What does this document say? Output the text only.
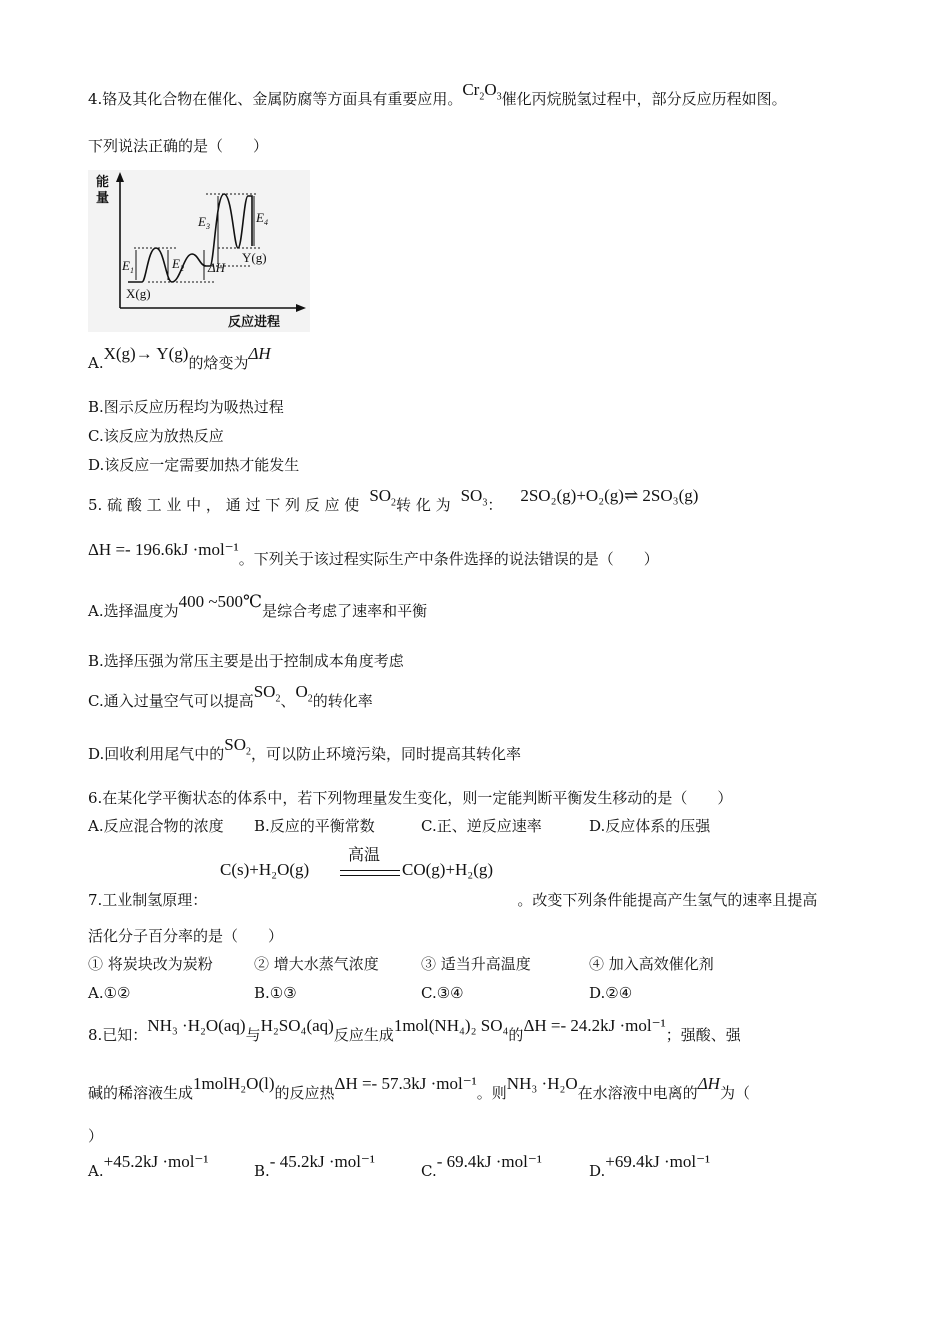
4.铬及其化合物在催化、金属防腐等方面具有重要应用。$Cr_2O_3$催化丙烷脱氢过程中，部分反应历程如图。
下列说法正确的是（　　）
能
量
反应进程
$E_1$	$E_2$
$E_3$
$E_4$
ΔH
X(g)
Y(g)
A.X(g)→ Y(g)的焓变为ΔH
B.图示反应历程均为吸热过程
C.该反应为放热反应
D.该反应一定需要加热才能发生
5. 硫 酸 工 业 中 ， 通 过 下 列 反 应 使 $SO_2$转 化 为 $SO_3$： 2SO₂(g)+O₂(g)⇌ 2SO₃(g)
ΔH =- 196.6kJ ·mol⁻¹。下列关于该过程实际生产中条件选择的说法错误的是（　　）
A.选择温度为400 ~500℃是综合考虑了速率和平衡
B.选择压强为常压主要是出于控制成本角度考虑
C.通入过量空气可以提高$SO_2$、$O_2$的转化率
D.回收利用尾气中的$SO_2$，可以防止环境污染，同时提高其转化率
6.在某化学平衡状态的体系中，若下列物理量发生变化，则一定能判断平衡发生移动的是（　　）
A.反应混合物的浓度 B.反应的平衡常数	C.正、逆反应速率	D.反应体系的压强
C(s)+H₂O(g)
高温
CO(g)+H₂(g)
7.工业制氢原理：	。改变下列条件能提高产生氢气的速率且提高
活化分子百分率的是（　　）
① 将炭块改为炭粉	② 增大水蒸气浓度	③ 适当升高温度	④ 加入高效催化剂
A.①②	B.①③	C.③④	D.②④
8.已知：NH₃ ·H₂O(aq)与H₂SO₄(aq)反应生成1mol(NH₄)₂ SO₄的ΔH =- 24.2kJ ·mol⁻¹；强酸、强
碱的稀溶液生成1molH₂O(l)的反应热ΔH =- 57.3kJ ·mol⁻¹。则NH₃ ·H₂O在水溶液中电离的ΔH为（
）
A.+45.2kJ ·mol⁻¹	B.- 45.2kJ ·mol⁻¹	C.- 69.4kJ ·mol⁻¹	D.+69.4kJ ·mol⁻¹
